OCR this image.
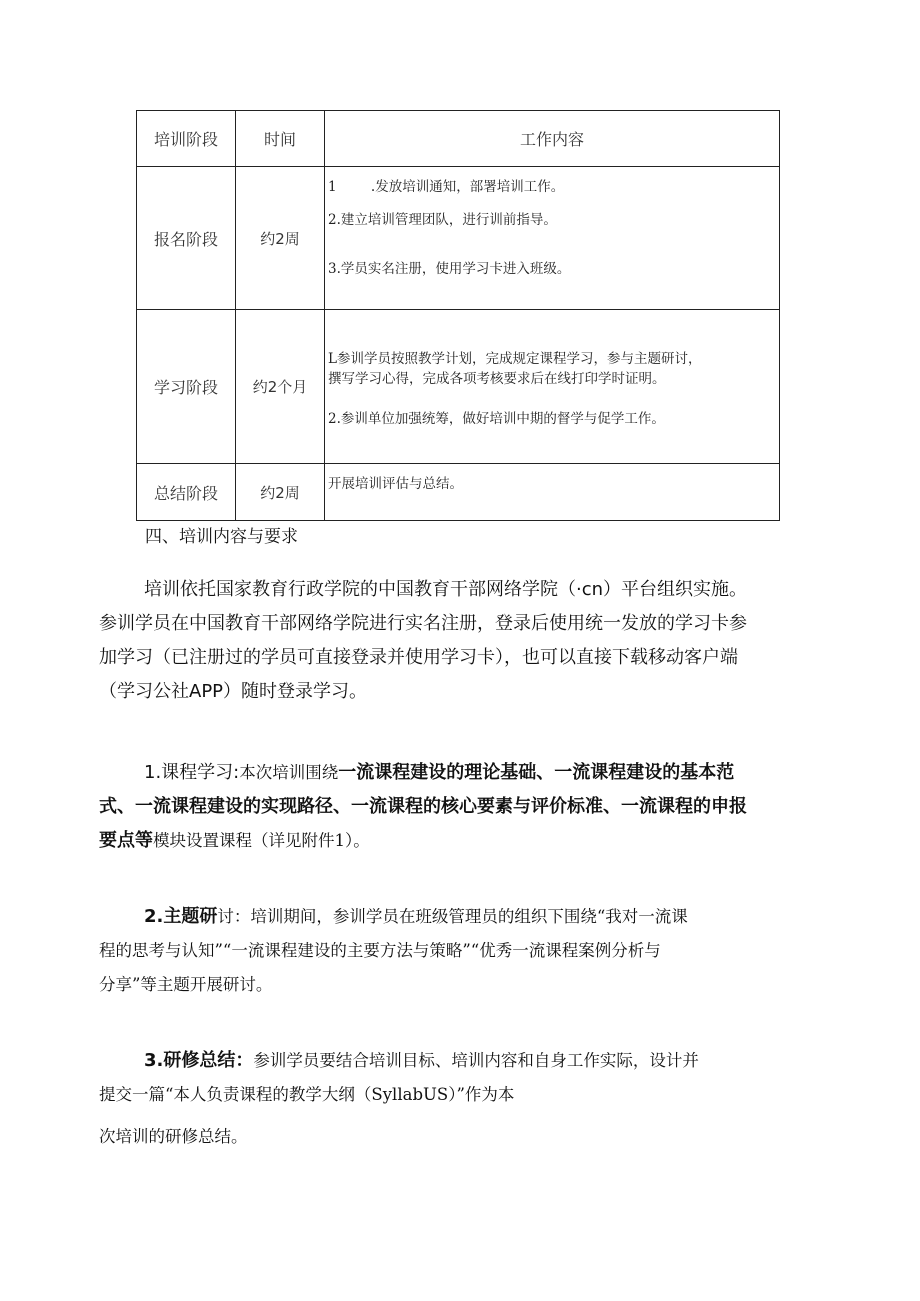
培训阶段	时间	工作内容
报名阶段	约2周	1        .发放培训通知，部署培训工作。
2.建立培训管理团队，进行训前指导。
3.学员实名注册，使用学习卡进入班级。

学习阶段	约2个月	L参训学员按照教学计划，完成规定课程学习，参与主题研讨，
撰写学习心得，完成各项考核要求后在线打印学时证明。
2.参训单位加强统筹，做好培训中期的督学与促学工作。

总结阶段	约2周	开展培训评估与总结。
四、培训内容与要求
培训依托国家教育行政学院的中国教育干部网络学院（·cn）平台组织实施。
参训学员在中国教育干部网络学院进行实名注册，登录后使用统一发放的学习卡参
加学习（已注册过的学员可直接登录并使用学习卡），也可以直接下载移动客户端
（学习公社APP）随时登录学习。
1.课程学习:本次培训围绕一流课程建设的理论基础、一流课程建设的基本范
式、一流课程建设的实现路径、一流课程的核心要素与评价标准、一流课程的申报
要点等模块设置课程（详见附件1）。
2.主题研讨：培训期间，参训学员在班级管理员的组织下围绕“我对一流课
程的思考与认知”“一流课程建设的主要方法与策略”“优秀一流课程案例分析与
分享”等主题开展研讨。
3.研修总结：参训学员要结合培训目标、培训内容和自身工作实际，设计并
提交一篇“本人负责课程的教学大纲（SyllabUS）”作为本
次培训的研修总结。
